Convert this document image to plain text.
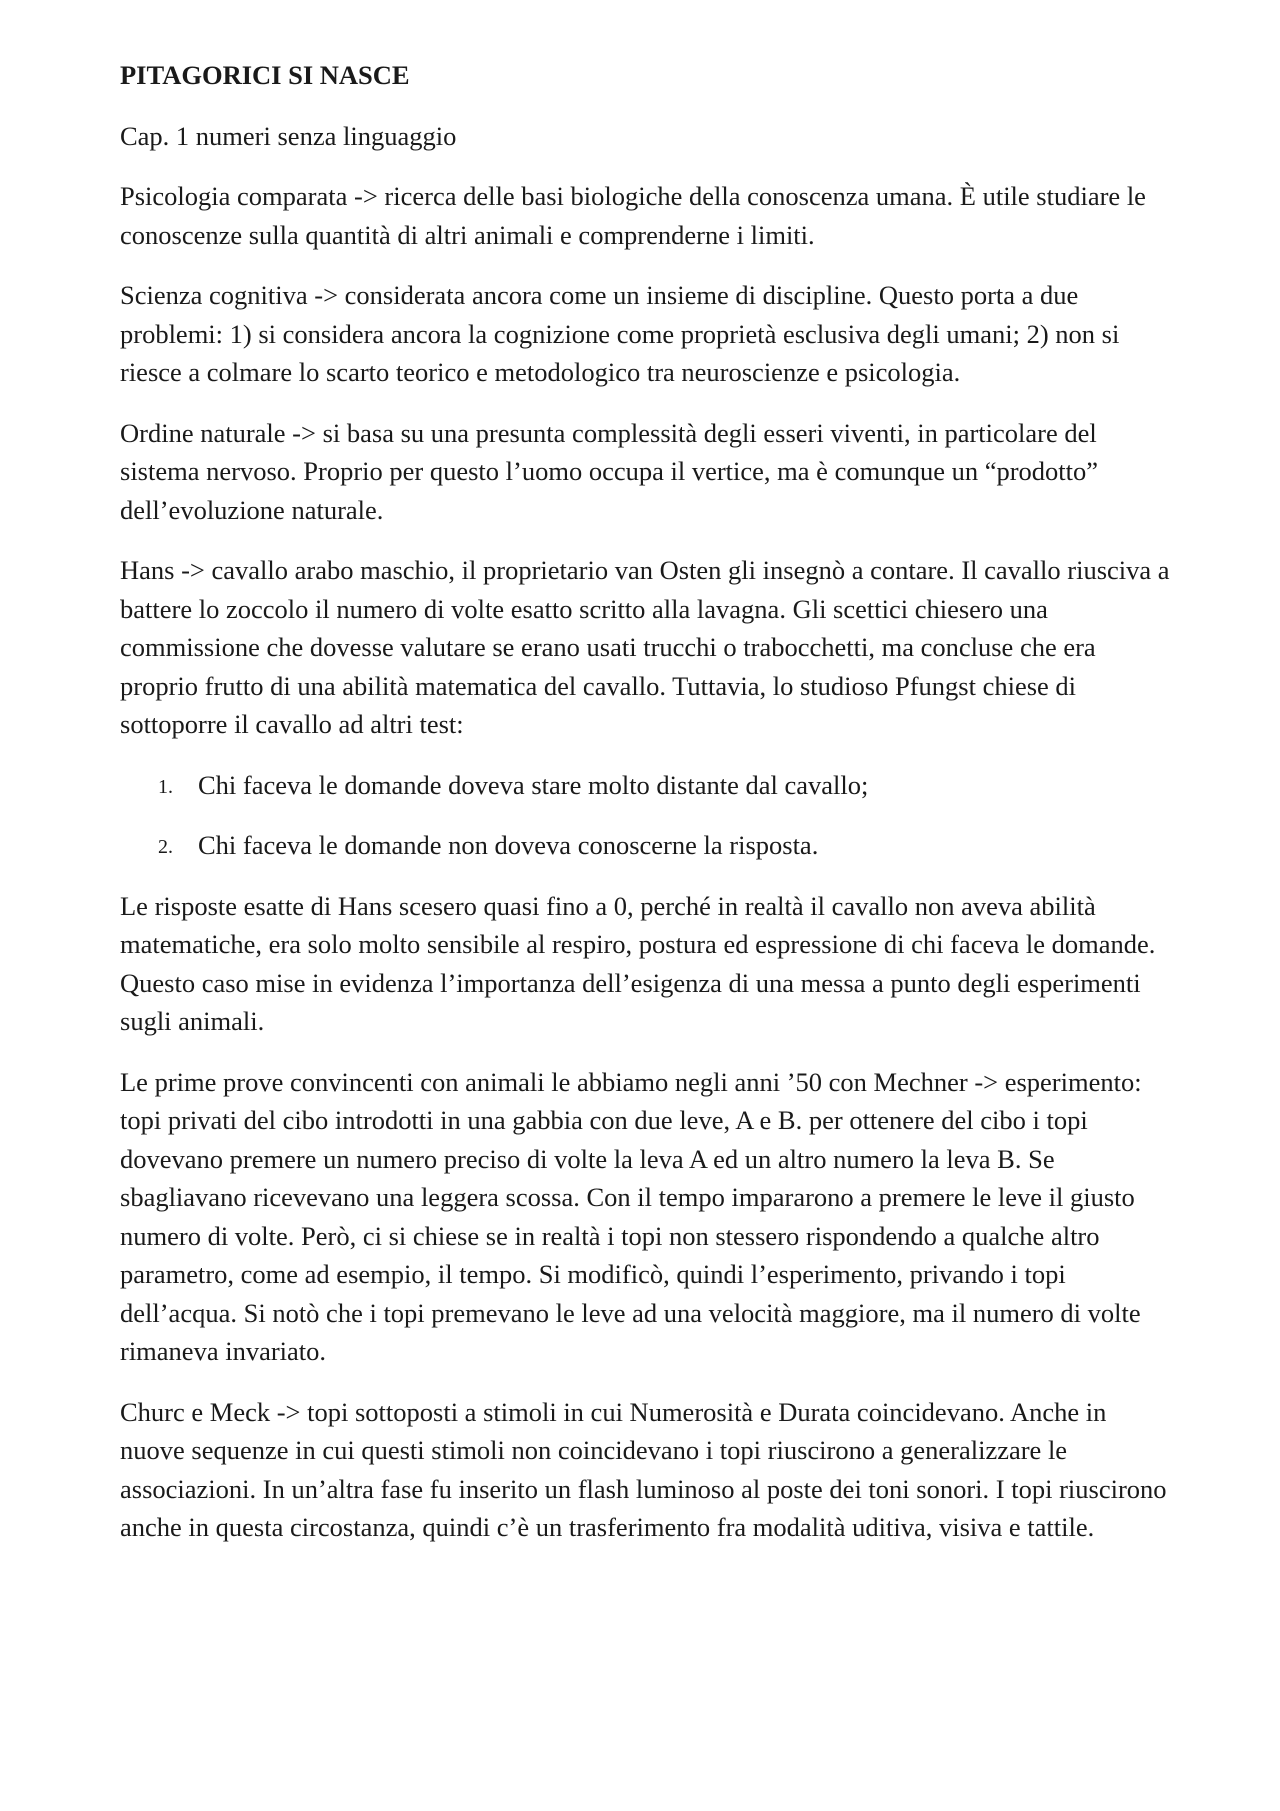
PITAGORICI SI NASCE

Cap. 1 numeri senza linguaggio

Psicologia comparata -> ricerca delle basi biologiche della conoscenza umana. È utile studiare le conoscenze sulla quantità di altri animali e comprenderne i limiti.

Scienza cognitiva -> considerata ancora come un insieme di discipline. Questo porta a due problemi: 1) si considera ancora la cognizione come proprietà esclusiva degli umani; 2) non si riesce a colmare lo scarto teorico e metodologico tra neuroscienze e psicologia.

Ordine naturale -> si basa su una presunta complessità degli esseri viventi, in particolare del sistema nervoso. Proprio per questo l’uomo occupa il vertice, ma è comunque un “prodotto” dell’evoluzione naturale.

Hans -> cavallo arabo maschio, il proprietario van Osten gli insegnò a contare. Il cavallo riusciva a battere lo zoccolo il numero di volte esatto scritto alla lavagna. Gli scettici chiesero una commissione che dovesse valutare se erano usati trucchi o trabocchetti, ma concluse che era proprio frutto di una abilità matematica del cavallo. Tuttavia, lo studioso Pfungst chiese di sottoporre il cavallo ad altri test:

1. Chi faceva le domande doveva stare molto distante dal cavallo;
2. Chi faceva le domande non doveva conoscerne la risposta.

Le risposte esatte di Hans scesero quasi fino a 0, perché in realtà il cavallo non aveva abilità matematiche, era solo molto sensibile al respiro, postura ed espressione di chi faceva le domande. Questo caso mise in evidenza l’importanza dell’esigenza di una messa a punto degli esperimenti sugli animali.

Le prime prove convincenti con animali le abbiamo negli anni ’50 con Mechner -> esperimento: topi privati del cibo introdotti in una gabbia con due leve, A e B. per ottenere del cibo i topi dovevano premere un numero preciso di volte la leva A ed un altro numero la leva B. Se sbagliavano ricevevano una leggera scossa. Con il tempo impararono a premere le leve il giusto numero di volte. Però, ci si chiese se in realtà i topi non stessero rispondendo a qualche altro parametro, come ad esempio, il tempo. Si modificò, quindi l’esperimento, privando i topi dell’acqua. Si notò che i topi premevano le leve ad una velocità maggiore, ma il numero di volte rimaneva invariato.

Churc e Meck -> topi sottoposti a stimoli in cui Numerosità e Durata coincidevano. Anche in nuove sequenze in cui questi stimoli non coincidevano i topi riuscirono a generalizzare le associazioni. In un’altra fase fu inserito un flash luminoso al poste dei toni sonori. I topi riuscirono anche in questa circostanza, quindi c’è un trasferimento fra modalità uditiva, visiva e tattile.
